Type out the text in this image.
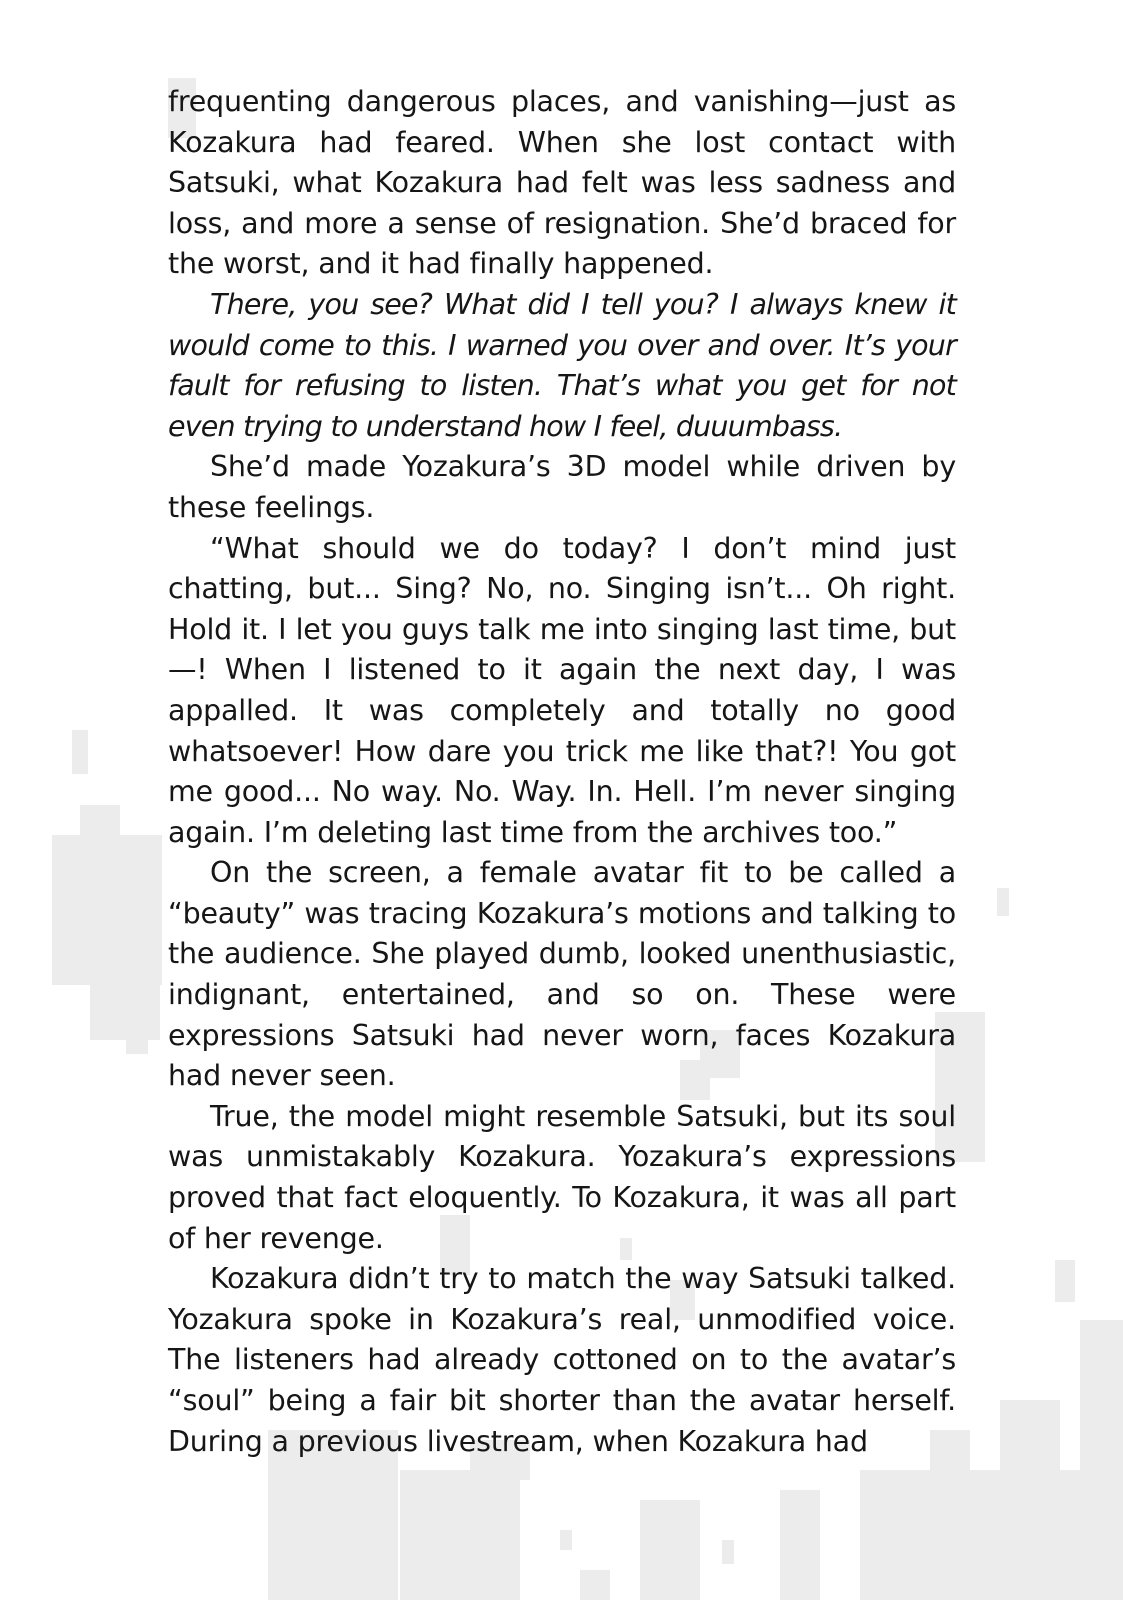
frequenting dangerous places, and vanishing—just as Kozakura had feared. When she lost contact with Satsuki, what Kozakura had felt was less sadness and loss, and more a sense of resignation. She’d braced for the worst, and it had finally happened.

There, you see? What did I tell you? I always knew it would come to this. I warned you over and over. It’s your fault for refusing to listen. That’s what you get for not even trying to understand how I feel, duuumbass.

She’d made Yozakura’s 3D model while driven by these feelings.

“What should we do today? I don’t mind just chatting, but... Sing? No, no. Singing isn’t... Oh right. Hold it. I let you guys talk me into singing last time, but—! When I listened to it again the next day, I was appalled. It was completely and totally no good whatsoever! How dare you trick me like that?! You got me good... No way. No. Way. In. Hell. I’m never singing again. I’m deleting last time from the archives too.”

On the screen, a female avatar fit to be called a “beauty” was tracing Kozakura’s motions and talking to the audience. She played dumb, looked unenthusiastic, indignant, entertained, and so on. These were expressions Satsuki had never worn, faces Kozakura had never seen.

True, the model might resemble Satsuki, but its soul was unmistakably Kozakura. Yozakura’s expressions proved that fact eloquently. To Kozakura, it was all part of her revenge.

Kozakura didn’t try to match the way Satsuki talked. Yozakura spoke in Kozakura’s real, unmodified voice. The listeners had already cottoned on to the avatar’s “soul” being a fair bit shorter than the avatar herself. During a previous livestream, when Kozakura had
